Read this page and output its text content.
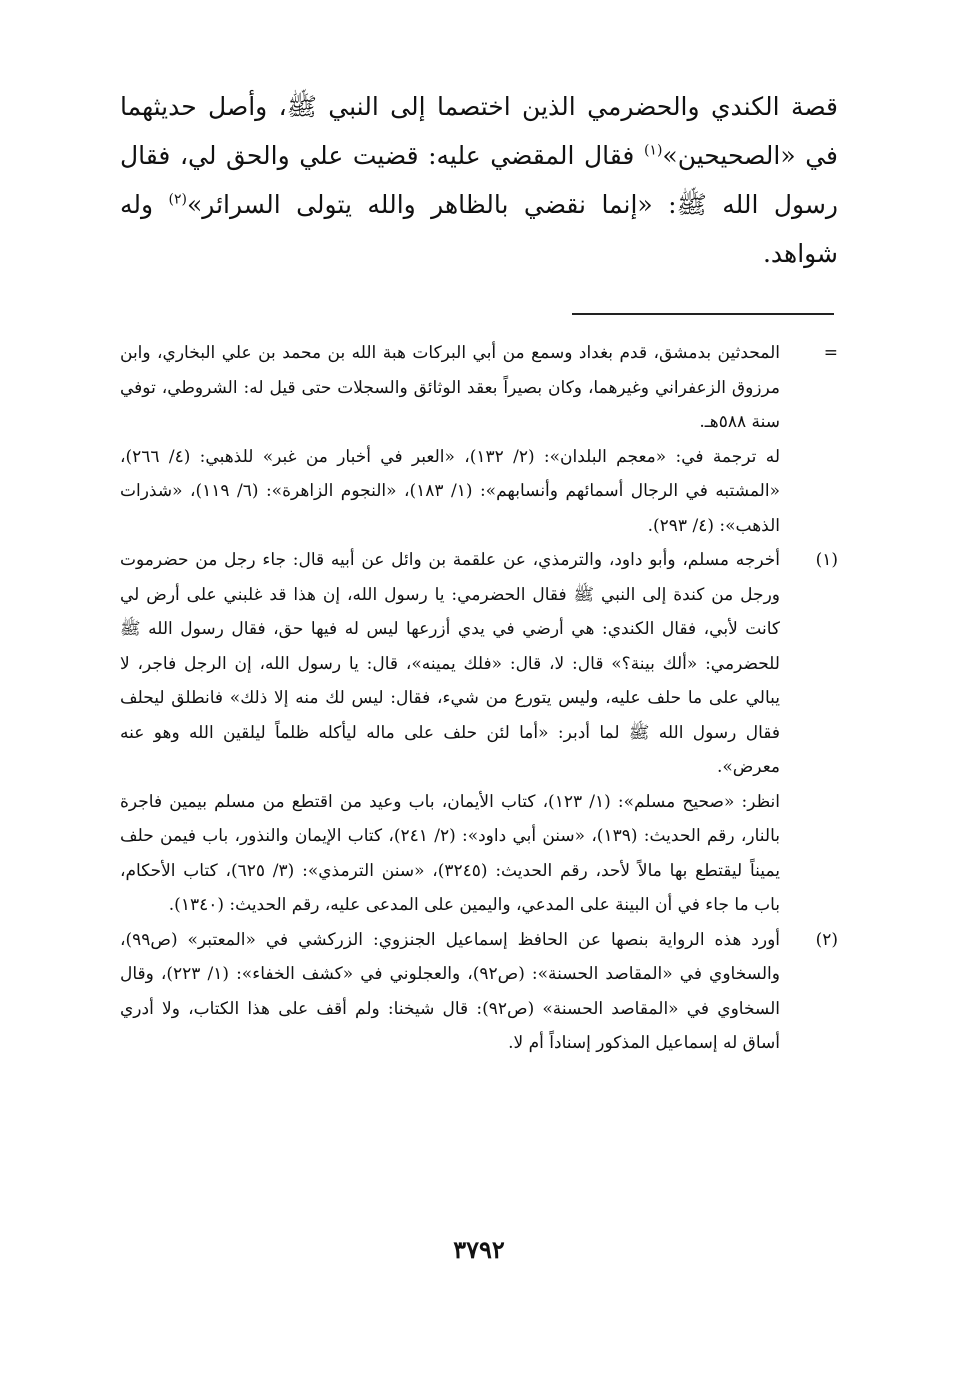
قصة الكندي والحضرمي الذين اختصما إلى النبي ﷺ، وأصل حديثهما في «الصحيحين»$^{(١)}$ فقال المقضي عليه: قضيت علي والحق لي، فقال رسول الله ﷺ: «إنما نقضي بالظاهر والله يتولى السرائر»$^{(٢)}$ وله شواهد.

=

المحدثين بدمشق، قدم بغداد وسمع من أبي البركات هبة الله بن محمد بن علي البخاري، وابن مرزوق الزعفراني وغيرهما، وكان بصيراً بعقد الوثائق والسجلات حتى قيل له: الشروطي، توفي سنة ٥٨٨هـ.

له ترجمة في: «معجم البلدان»: (٢/ ١٣٢)، «العبر في أخبار من غبر» للذهبي: (٤/ ٢٦٦)، «المشتبه في الرجال أسمائهم وأنسابهم»: (١/ ١٨٣)، «النجوم الزاهرة»: (٦/ ١١٩)، «شذرات الذهب»: (٤/ ٢٩٣).

(١)

أخرجه مسلم، وأبو داود، والترمذي، عن علقمة بن وائل عن أبيه قال: جاء رجل من حضرموت ورجل من كندة إلى النبي ﷺ فقال الحضرمي: يا رسول الله، إن هذا قد غلبني على أرض لي كانت لأبي، فقال الكندي: هي أرضي في يدي أزرعها ليس له فيها حق، فقال رسول الله ﷺ للحضرمي: «ألك بينة؟» قال: لا، قال: «فلك يمينه»، قال: يا رسول الله، إن الرجل فاجر، لا يبالي على ما حلف عليه، وليس يتورع من شيء، فقال: ليس لك منه إلا ذلك» فانطلق ليحلف فقال رسول الله ﷺ لما أدبر: «أما لئن حلف على ماله ليأكله ظلماً ليلقين الله وهو عنه معرض».

انظر: «صحيح مسلم»: (١/ ١٢٣)، كتاب الأيمان، باب وعيد من اقتطع من مسلم بيمين فاجرة بالنار، رقم الحديث: (١٣٩)، «سنن أبي داود»: (٢/ ٢٤١)، كتاب الإيمان والنذور، باب فيمن حلف يميناً ليقتطع بها مالاً لأحد، رقم الحديث: (٣٢٤٥)، «سنن الترمذي»: (٣/ ٦٢٥)، كتاب الأحكام، باب ما جاء في أن البينة على المدعي، واليمين على المدعى عليه، رقم الحديث: (١٣٤٠).

(٢)

أورد هذه الرواية بنصها عن الحافظ إسماعيل الجنزوي: الزركشي في «المعتبر» (ص٩٩)، والسخاوي في «المقاصد الحسنة»: (ص٩٢)، والعجلوني في «كشف الخفاء»: (١/ ٢٢٣)، وقال السخاوي في «المقاصد الحسنة» (ص٩٢): قال شيخنا: ولم أقف على هذا الكتاب، ولا أدري أساق له إسماعيل المذكور إسناداً أم لا.

٣٧٩٢
